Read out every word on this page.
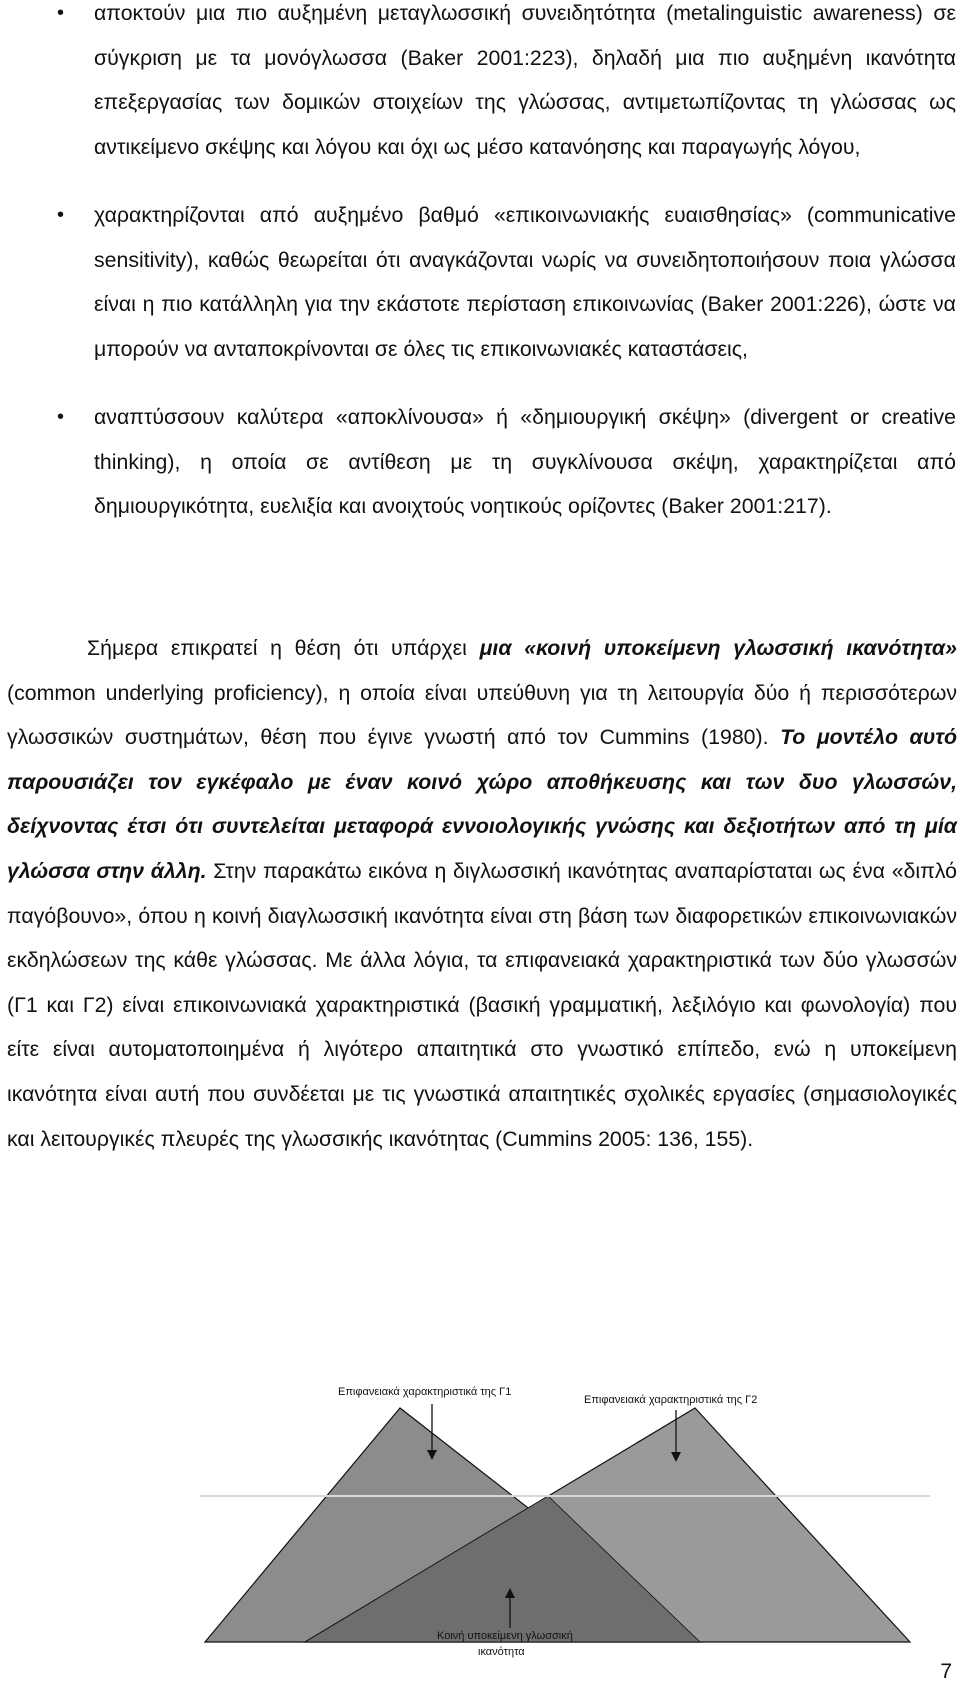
• αποκτούν μια πιο αυξημένη μεταγλωσσική συνειδητότητα (metalinguistic awareness) σε σύγκριση με τα μονόγλωσσα (Baker 2001:223), δηλαδή μια πιο αυξημένη ικανότητα επεξεργασίας των δομικών στοιχείων της γλώσσας, αντιμετωπίζοντας τη γλώσσας ως αντικείμενο σκέψης και λόγου και όχι ως μέσο κατανόησης και παραγωγής λόγου,
• χαρακτηρίζονται από αυξημένο βαθμό «επικοινωνιακής ευαισθησίας» (communicative sensitivity), καθώς θεωρείται ότι αναγκάζονται νωρίς να συνειδητοποιήσουν ποια γλώσσα είναι η πιο κατάλληλη για την εκάστοτε περίσταση επικοινωνίας (Baker 2001:226), ώστε να μπορούν να ανταποκρίνονται σε όλες τις επικοινωνιακές καταστάσεις,
• αναπτύσσουν καλύτερα «αποκλίνουσα» ή «δημιουργική σκέψη» (divergent or creative thinking), η οποία σε αντίθεση με τη συγκλίνουσα σκέψη, χαρακτηρίζεται από δημιουργικότητα, ευελιξία και ανοιχτούς νοητικούς ορίζοντες (Baker 2001:217).

Σήμερα επικρατεί η θέση ότι υπάρχει μια «κοινή υποκείμενη γλωσσική ικανότητα» (common underlying proficiency), η οποία είναι υπεύθυνη για τη λειτουργία δύο ή περισσότερων γλωσσικών συστημάτων, θέση που έγινε γνωστή από τον Cummins (1980). Το μοντέλο αυτό παρουσιάζει τον εγκέφαλο με έναν κοινό χώρο αποθήκευσης και των δυο γλωσσών, δείχνοντας έτσι ότι συντελείται μεταφορά εννοιολογικής γνώσης και δεξιοτήτων από τη μία γλώσσα στην άλλη. Στην παρακάτω εικόνα η διγλωσσική ικανότητας αναπαρίσταται ως ένα «διπλό παγόβουνο», όπου η κοινή διαγλωσσική ικανότητα είναι στη βάση των διαφορετικών επικοινωνιακών εκδηλώσεων της κάθε γλώσσας. Με άλλα λόγια, τα επιφανειακά χαρακτηριστικά των δύο γλωσσών (Γ1 και Γ2) είναι επικοινωνιακά χαρακτηριστικά (βασική γραμματική, λεξιλόγιο και φωνολογία) που είτε είναι αυτοματοποιημένα ή λιγότερο απαιτητικά στο γνωστικό επίπεδο, ενώ η υποκείμενη ικανότητα είναι αυτή που συνδέεται με τις γνωστικά απαιτητικές σχολικές εργασίες (σημασιολογικές και λειτουργικές πλευρές της γλωσσικής ικανότητας (Cummins 2005: 136, 155).

Επιφανειακά χαρακτηριστικά της Γ1
Επιφανειακά χαρακτηριστικά της Γ2
Κοινή υποκείμενη γλωσσική
ικανότητα
7
